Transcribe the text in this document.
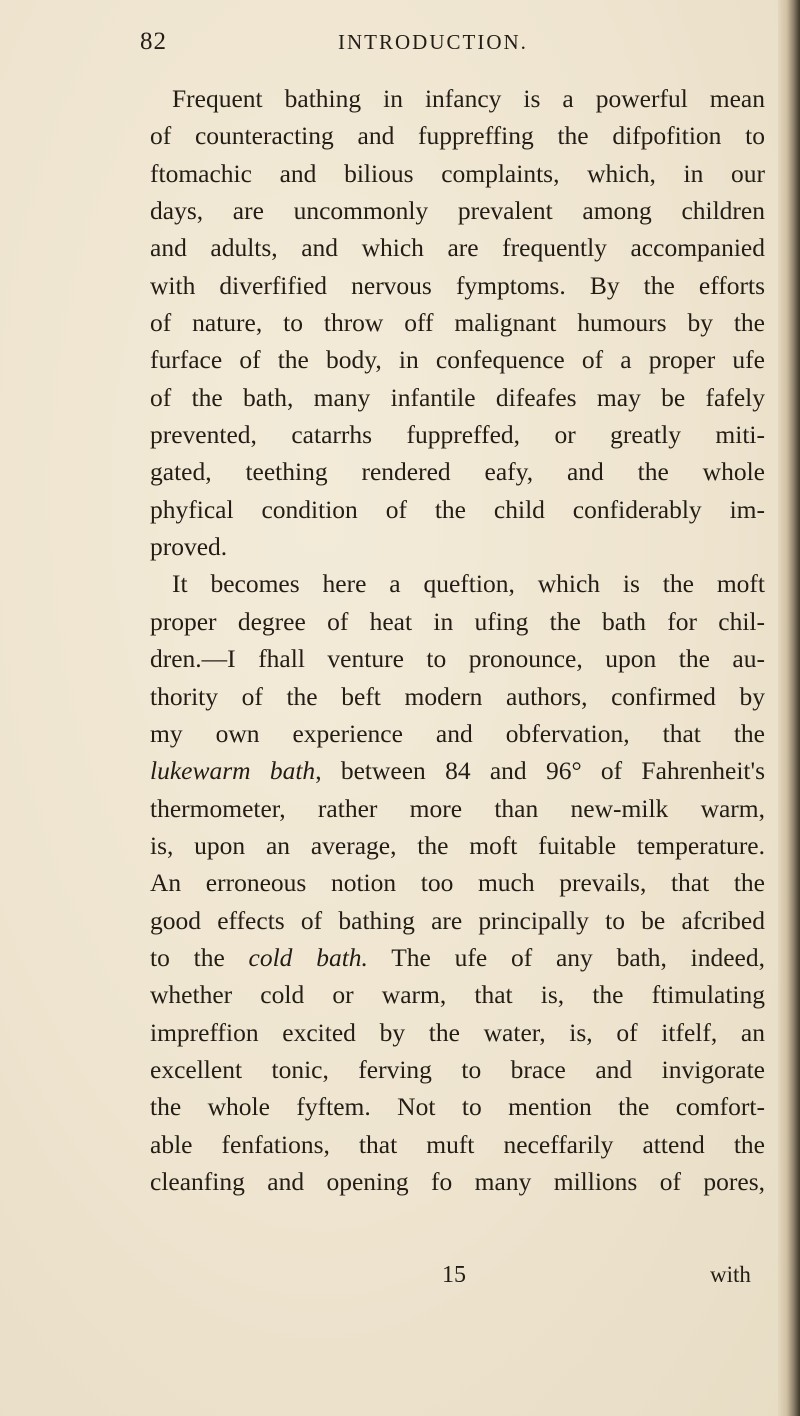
82	INTRODUCTION.
Frequent bathing in infancy is a powerful mean
of counteracting and fuppreffing the difpofition to
ftomachic and bilious complaints, which, in our
days, are uncommonly prevalent among children
and adults, and which are frequently accompanied
with diverfified nervous fymptoms. By the efforts
of nature, to throw off malignant humours by the
furface of the body, in confequence of a proper ufe
of the bath, many infantile difeafes may be fafely
prevented, catarrhs fuppreffed, or greatly miti-
gated, teething rendered eafy, and the whole
phyfical condition of the child confiderably im-
proved.
It becomes here a queftion, which is the moft
proper degree of heat in ufing the bath for chil-
dren.—I fhall venture to pronounce, upon the au-
thority of the beft modern authors, confirmed by
my own experience and obfervation, that the
lukewarm bath, between 84 and 96° of Fahrenheit's
thermometer, rather more than new-milk warm,
is, upon an average, the moft fuitable temperature.
An erroneous notion too much prevails, that the
good effects of bathing are principally to be afcribed
to the cold bath. The ufe of any bath, indeed,
whether cold or warm, that is, the ftimulating
impreffion excited by the water, is, of itfelf, an
excellent tonic, ferving to brace and invigorate
the whole fyftem. Not to mention the comfort-
able fenfations, that muft neceffarily attend the
cleanfing and opening fo many millions of pores,
15	with
